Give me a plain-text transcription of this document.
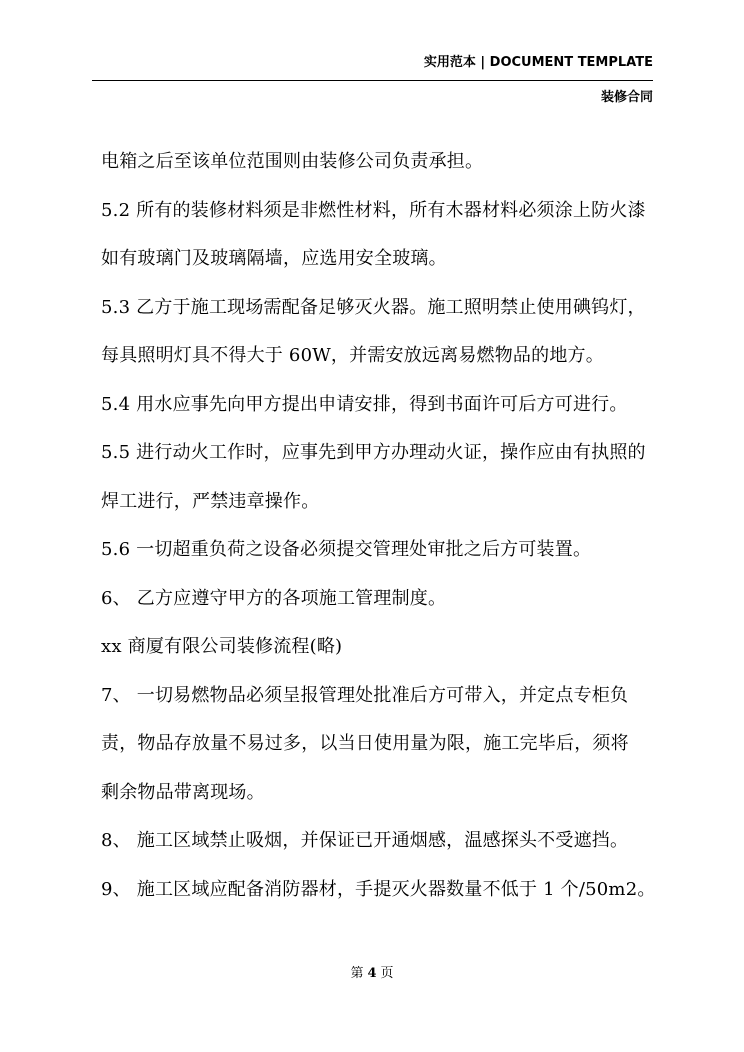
实用范本 | DOCUMENT TEMPLATE
装修合同
电箱之后至该单位范围则由装修公司负责承担。
5.2 所有的装修材料须是非燃性材料，所有木器材料必须涂上防火漆
如有玻璃门及玻璃隔墙，应选用安全玻璃。
5.3 乙方于施工现场需配备足够灭火器。施工照明禁止使用碘钨灯，
每具照明灯具不得大于 60W，并需安放远离易燃物品的地方。
5.4 用水应事先向甲方提出申请安排，得到书面许可后方可进行。
5.5 进行动火工作时，应事先到甲方办理动火证，操作应由有执照的
焊工进行，严禁违章操作。
5.6 一切超重负荷之设备必须提交管理处审批之后方可装置。
6、 乙方应遵守甲方的各项施工管理制度。
xx 商厦有限公司装修流程(略)
7、 一切易燃物品必须呈报管理处批准后方可带入，并定点专柜负
责，物品存放量不易过多，以当日使用量为限，施工完毕后，须将
剩余物品带离现场。
8、 施工区域禁止吸烟，并保证已开通烟感，温感探头不受遮挡。
9、 施工区域应配备消防器材，手提灭火器数量不低于 1 个/50m2。
第 4 页
